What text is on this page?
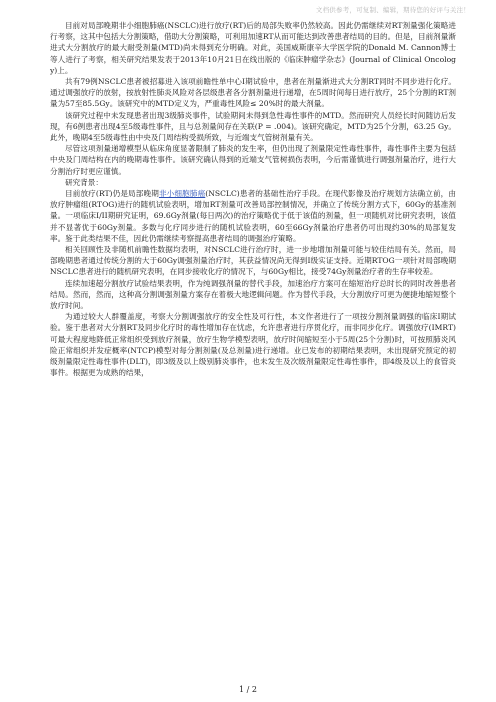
文档供参考，可复制、编辑，期待您的好评与关注！

目前对局部晚期非小细胞肺癌(NSCLC)进行放疗(RT)后的局部失败率仍然较高。因此仍需继续对RT剂量强化策略进行考察，这其中包括大分割策略，借助大分割策略，可利用加速RT从而可能达到改善患者结局的目的。但是，目前剂量渐进式大分割放疗的最大耐受剂量(MTD)尚未得到充分明确。对此，美国威斯康辛大学医学院的Donald M. Cannon博士等人进行了考察，相关研究结果发表于2013年10月21日在线出版的《临床肿瘤学杂志》(Journal of Clinical Oncology)上。

共有79例NSCLC患者被招募进入该项前瞻性单中心I期试验中，患者在剂量渐进式大分割RT同时不同步进行化疗。通过调强放疗的放射，按放射性肺炎风险对各层级患者各分割剂量进行递增，在5周时间每日进行放疗，25个分割的RT剂量为57至85.5Gy。该研究中的MTD定义为，严重毒性风险≤ 20%时的最大剂量。

该研究过程中未发现患者出现3级肺炎事件，试验期间未得到急性毒性事件的MTD。然而研究人员经长时间随访后发现，有6例患者出现4至5级毒性事件，且与总剂量间存在关联(P = .004)。该研究确定，MTD为25个分割，63.25 Gy。此外，晚期4至5级毒性由中央及门周结构受损所致，与近端支气管树剂量有关。

尽管这项剂量递增模型从临床角度显著限制了肺炎的发生率，但仍出现了剂量限定性毒性事件，毒性事件主要为包括中央及门周结构在内的晚期毒性事件。该研究确认得到的近端支气管树损伤表明，今后需谨慎进行调强剂量治疗，进行大分割治疗时更应谨慎。

研究背景：

目前放疗(RT)仍是局部晚期非小细胞肺癌(NSCLC)患者的基础性治疗手段。在现代影像及治疗规划方法确立前，由放疗肿瘤组(RTOG)进行的随机试验表明，增加RT剂量可改善局部控制情况，并确立了传统分割方式下，60Gy的基准剂量。一项临床I/II期研究证明，69.6Gy剂量(每日两次)的治疗策略优于低于该值的剂量，但一项随机对比研究表明，该值并不显著优于60Gy剂量。多数与化疗同步进行的随机试验表明，60至66Gy剂量治疗患者仍可出现约30%的局部复发率。鉴于此类结果不佳，因此仍需继续考察提高患者结局的调强治疗策略。

相关回顾性及非随机前瞻性数据均表明，对NSCLC进行治疗时，进一步地增加剂量可能与较佳结局有关。然而，局部晚期患者通过传统分割的大于60Gy调强剂量治疗时，其获益情况尚无得到I级实证支持。近期RTOG一项针对局部晚期NSCLC患者进行的随机研究表明，在同步接收化疗的情况下，与60Gy相比，接受74Gy剂量治疗者的生存率较差。

连续加速超分割放疗试验结果表明，作为纯调强剂量的替代手段，加速治疗方案可在缩短治疗总时长的同时改善患者结局。然而，然而，这种高分割调强剂量方案存在着极大地逻辑问题。作为替代手段，大分割放疗可更为便捷地缩短整个放疗时间。

为通过较大人群覆盖度，考察大分割调强放疗的安全性及可行性，本文作者进行了一项按分割剂量调强的临床I期试验。鉴于患者对大分割RT及同步化疗时的毒性增加存在忧虑，允许患者进行序贯化疗，而非同步化疗。调强放疗(IMRT)可最大程度地降低正常组织受到放疗剂量，放疗生物学模型表明，放疗时间缩短至小于5周(25个分割)时，可按照肺炎风险正常组织并发症概率(NTCP)模型对每分割剂量(及总剂量)进行递增。业已发布的初期结果表明，未出现研究预定的初级剂量限定性毒性事件(DLT)，即3级及以上级别肺炎事件，也未发生及次级剂量限定性毒性事件，即4级及以上的食管炎事件。根据更为成熟的结果，

1 / 2
